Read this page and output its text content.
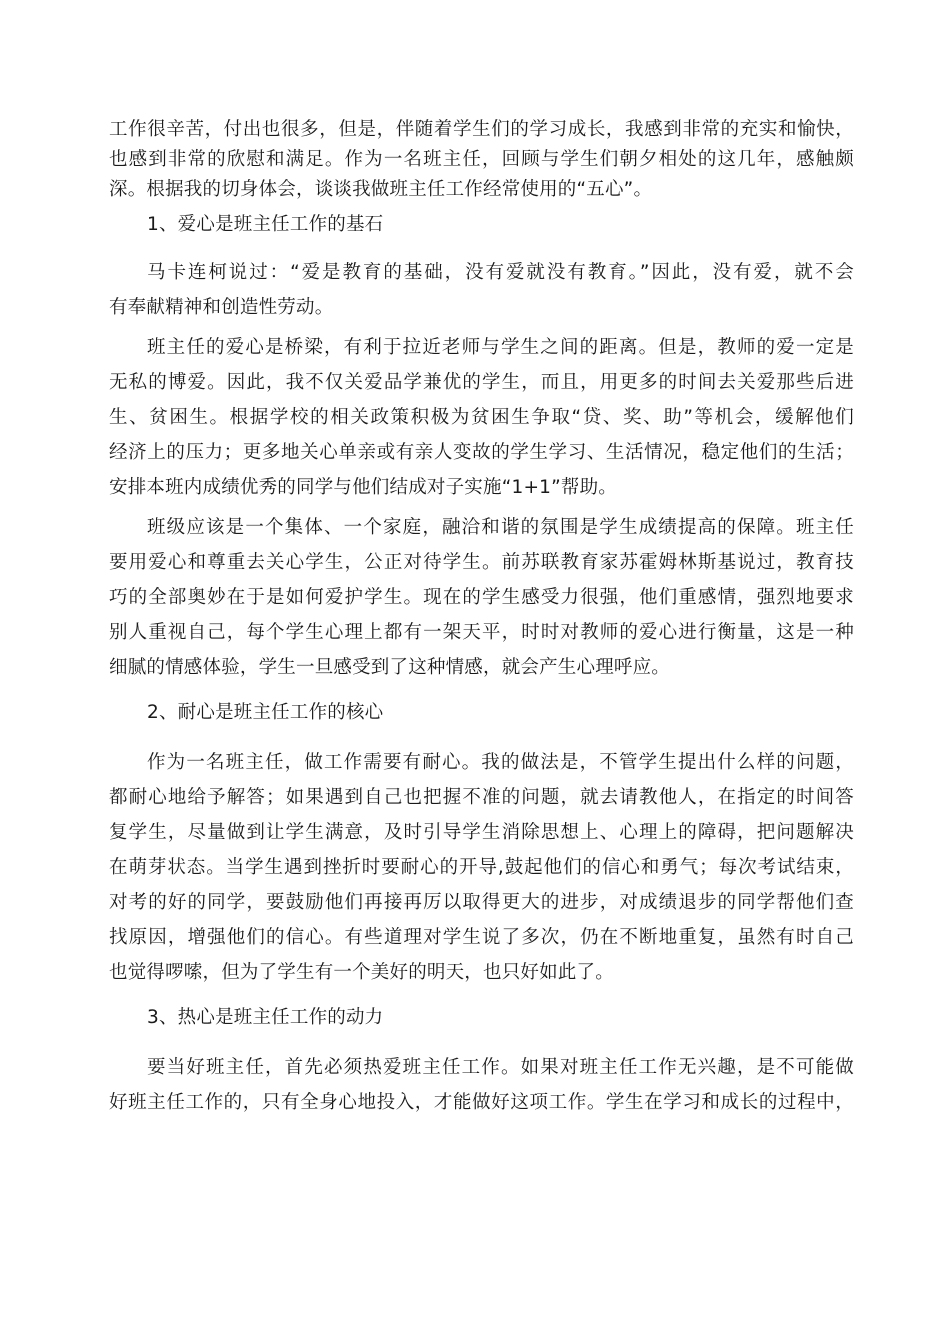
工作很辛苦，付出也很多，但是，伴随着学生们的学习成长，我感到非常的充实和愉快，
也感到非常的欣慰和满足。作为一名班主任，回顾与学生们朝夕相处的这几年，感触颇
深。根据我的切身体会，谈谈我做班主任工作经常使用的“五心”。
1、爱心是班主任工作的基石
马卡连柯说过：“爱是教育的基础，没有爱就没有教育。”因此，没有爱，就不会
有奉献精神和创造性劳动。
班主任的爱心是桥梁，有利于拉近老师与学生之间的距离。但是，教师的爱一定是
无私的博爱。因此，我不仅关爱品学兼优的学生，而且，用更多的时间去关爱那些后进
生、贫困生。根据学校的相关政策积极为贫困生争取“贷、奖、助”等机会，缓解他们
经济上的压力；更多地关心单亲或有亲人变故的学生学习、生活情况，稳定他们的生活；
安排本班内成绩优秀的同学与他们结成对子实施“1+1”帮助。
班级应该是一个集体、一个家庭，融洽和谐的氛围是学生成绩提高的保障。班主任
要用爱心和尊重去关心学生，公正对待学生。前苏联教育家苏霍姆林斯基说过，教育技
巧的全部奥妙在于是如何爱护学生。现在的学生感受力很强，他们重感情，强烈地要求
别人重视自己，每个学生心理上都有一架天平，时时对教师的爱心进行衡量，这是一种
细腻的情感体验，学生一旦感受到了这种情感，就会产生心理呼应。
2、耐心是班主任工作的核心
作为一名班主任，做工作需要有耐心。我的做法是，不管学生提出什么样的问题，
都耐心地给予解答；如果遇到自己也把握不准的问题，就去请教他人，在指定的时间答
复学生，尽量做到让学生满意，及时引导学生消除思想上、心理上的障碍，把问题解决
在萌芽状态。当学生遇到挫折时要耐心的开导,鼓起他们的信心和勇气；每次考试结束，
对考的好的同学，要鼓励他们再接再厉以取得更大的进步，对成绩退步的同学帮他们查
找原因，增强他们的信心。有些道理对学生说了多次，仍在不断地重复，虽然有时自己
也觉得啰嗦，但为了学生有一个美好的明天，也只好如此了。
3、热心是班主任工作的动力
要当好班主任，首先必须热爱班主任工作。如果对班主任工作无兴趣，是不可能做
好班主任工作的，只有全身心地投入，才能做好这项工作。学生在学习和成长的过程中，
